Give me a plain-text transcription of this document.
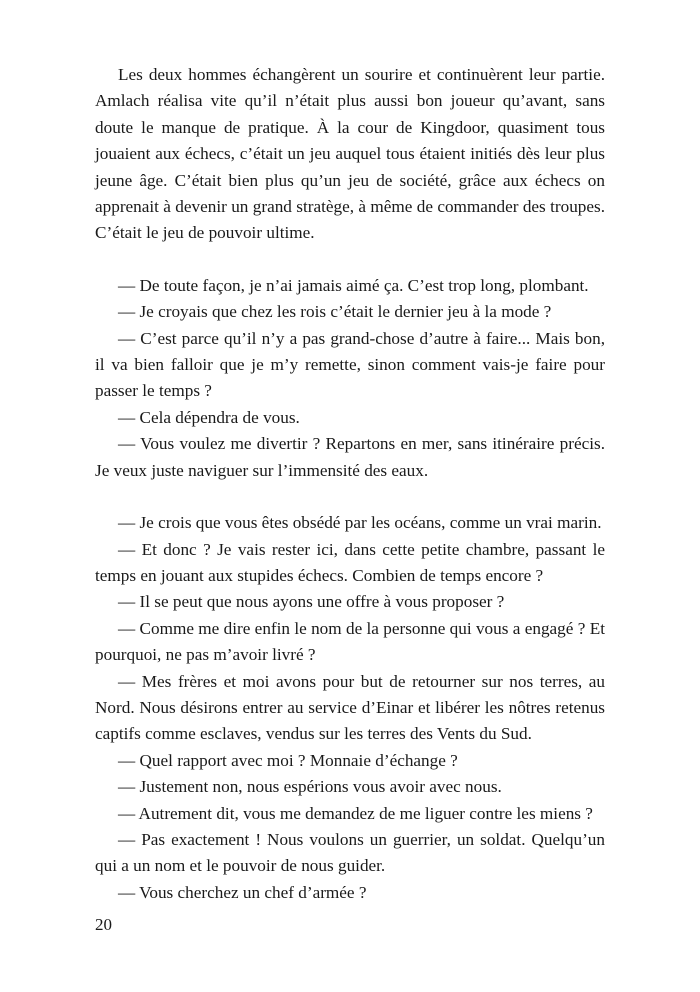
Les deux hommes échangèrent un sourire et continuèrent leur partie. Amlach réalisa vite qu’il n’était plus aussi bon joueur qu’avant, sans doute le manque de pratique. À la cour de Kingdoor, quasiment tous jouaient aux échecs, c’était un jeu auquel tous étaient initiés dès leur plus jeune âge. C’était bien plus qu’un jeu de société, grâce aux échecs on apprenait à devenir un grand stratège, à même de commander des troupes. C’était le jeu de pouvoir ultime.

— De toute façon, je n’ai jamais aimé ça. C’est trop long, plombant.

— Je croyais que chez les rois c’était le dernier jeu à la mode ?

— C’est parce qu’il n’y a pas grand-chose d’autre à faire... Mais bon, il va bien falloir que je m’y remette, sinon comment vais-je faire pour passer le temps ?

— Cela dépendra de vous.

— Vous voulez me divertir ? Repartons en mer, sans itinéraire précis. Je veux juste naviguer sur l’immensité des eaux.

— Je crois que vous êtes obsédé par les océans, comme un vrai marin.

— Et donc ? Je vais rester ici, dans cette petite chambre, passant le temps en jouant aux stupides échecs. Combien de temps encore ?

— Il se peut que nous ayons une offre à vous proposer ?

— Comme me dire enfin le nom de la personne qui vous a engagé ? Et pourquoi, ne pas m’avoir livré ?

— Mes frères et moi avons pour but de retourner sur nos terres, au Nord. Nous désirons entrer au service d’Einar et libérer les nôtres retenus captifs comme esclaves, vendus sur les terres des Vents du Sud.

— Quel rapport avec moi ? Monnaie d’échange ?

— Justement non, nous espérions vous avoir avec nous.

— Autrement dit, vous me demandez de me liguer contre les miens ?

— Pas exactement ! Nous voulons un guerrier, un soldat. Quelqu’un qui a un nom et le pouvoir de nous guider.

— Vous cherchez un chef d’armée ?

20
